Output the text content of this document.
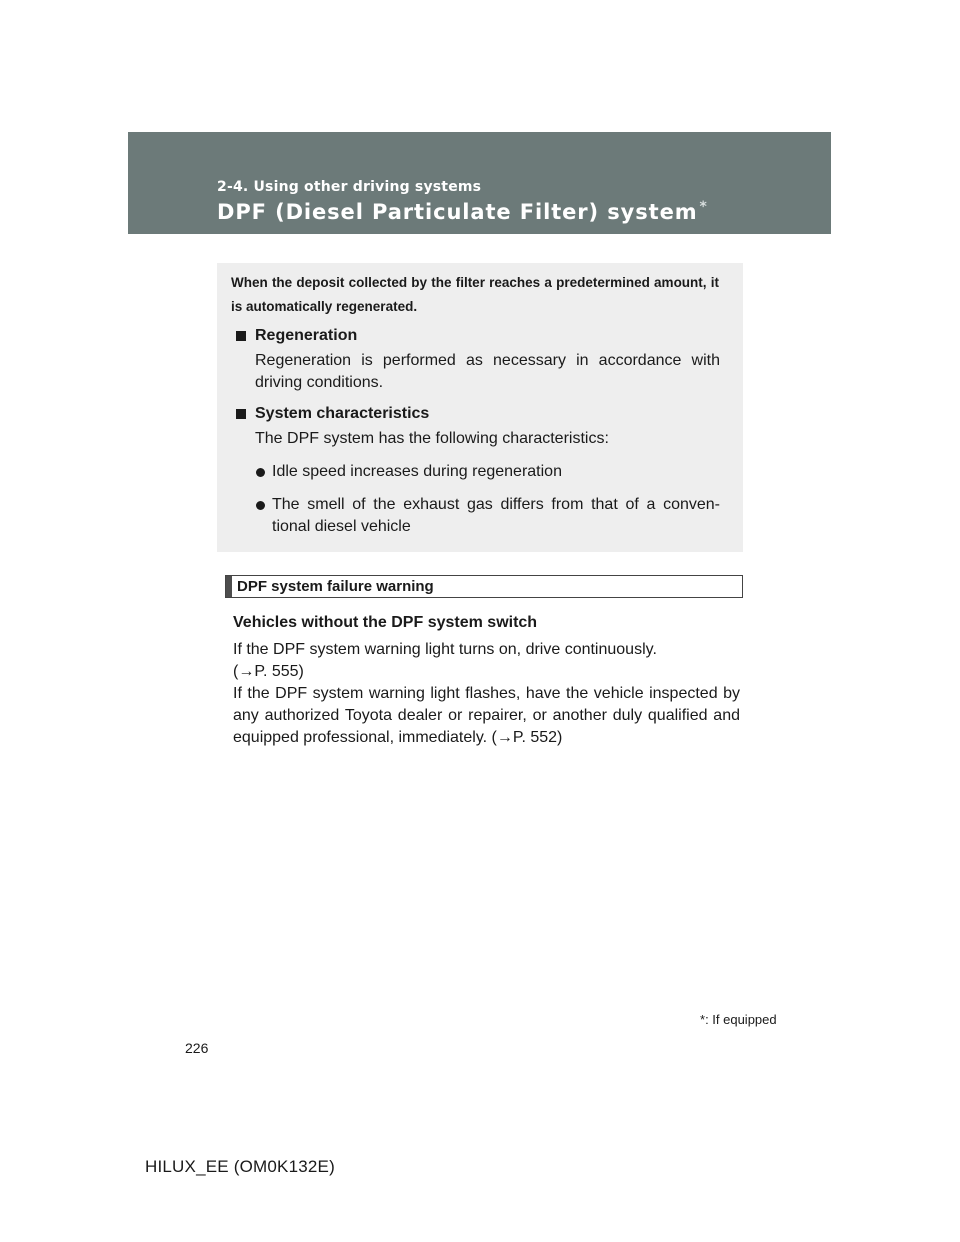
2-4. Using other driving systems
DPF (Diesel Particulate Filter) system *
When the deposit collected by the filter reaches a predetermined amount, it is automatically regenerated.
Regeneration
Regeneration is performed as necessary in accordance with driving conditions.
System characteristics
The DPF system has the following characteristics:
Idle speed increases during regeneration
The smell of the exhaust gas differs from that of a conven-tional diesel vehicle
DPF system failure warning
Vehicles without the DPF system switch

If the DPF system warning light turns on, drive continuously.

(→P. 555)

If the DPF system warning light flashes, have the vehicle inspected by any authorized Toyota dealer or repairer, or another duly qualified and equipped professional, immediately. (→P. 552)

*: If equipped
226
HILUX_EE (OM0K132E)
